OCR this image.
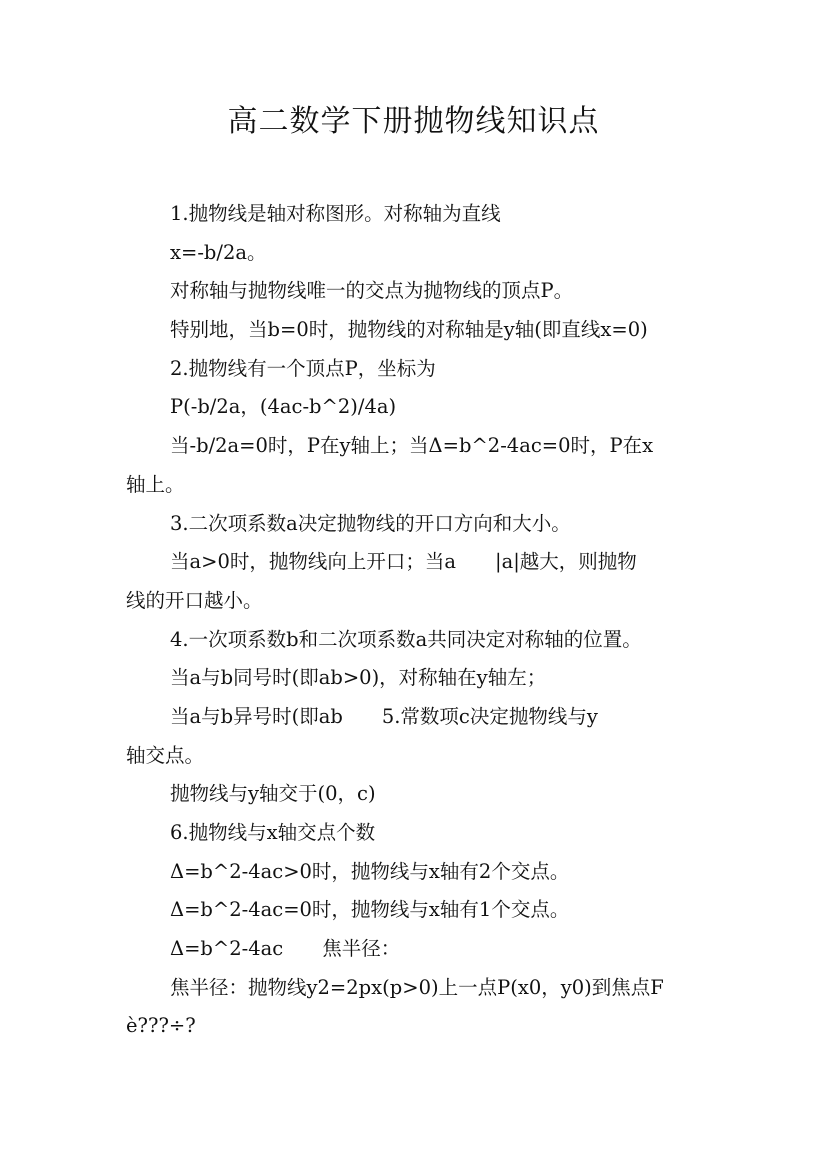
高二数学下册抛物线知识点
1.抛物线是轴对称图形。对称轴为直线
x=-b/2a。
对称轴与抛物线唯一的交点为抛物线的顶点P。
特别地，当b=0时，抛物线的对称轴是y轴(即直线x=0)
2.抛物线有一个顶点P，坐标为
P(-b/2a，(4ac-b^2)/4a)
当-b/2a=0时，P在y轴上；当Δ=b^2-4ac=0时，P在x
轴上。
3.二次项系数a决定抛物线的开口方向和大小。
当a>0时，抛物线向上开口；当a　　|a|越大，则抛物
线的开口越小。
4.一次项系数b和二次项系数a共同决定对称轴的位置。
当a与b同号时(即ab>0)，对称轴在y轴左；
当a与b异号时(即ab　　5.常数项c决定抛物线与y
轴交点。
抛物线与y轴交于(0，c)
6.抛物线与x轴交点个数
Δ=b^2-4ac>0时，抛物线与x轴有2个交点。
Δ=b^2-4ac=0时，抛物线与x轴有1个交点。
Δ=b^2-4ac　　焦半径：
焦半径：抛物线y2=2px(p>0)上一点P(x0，y0)到焦点F
è???÷?
